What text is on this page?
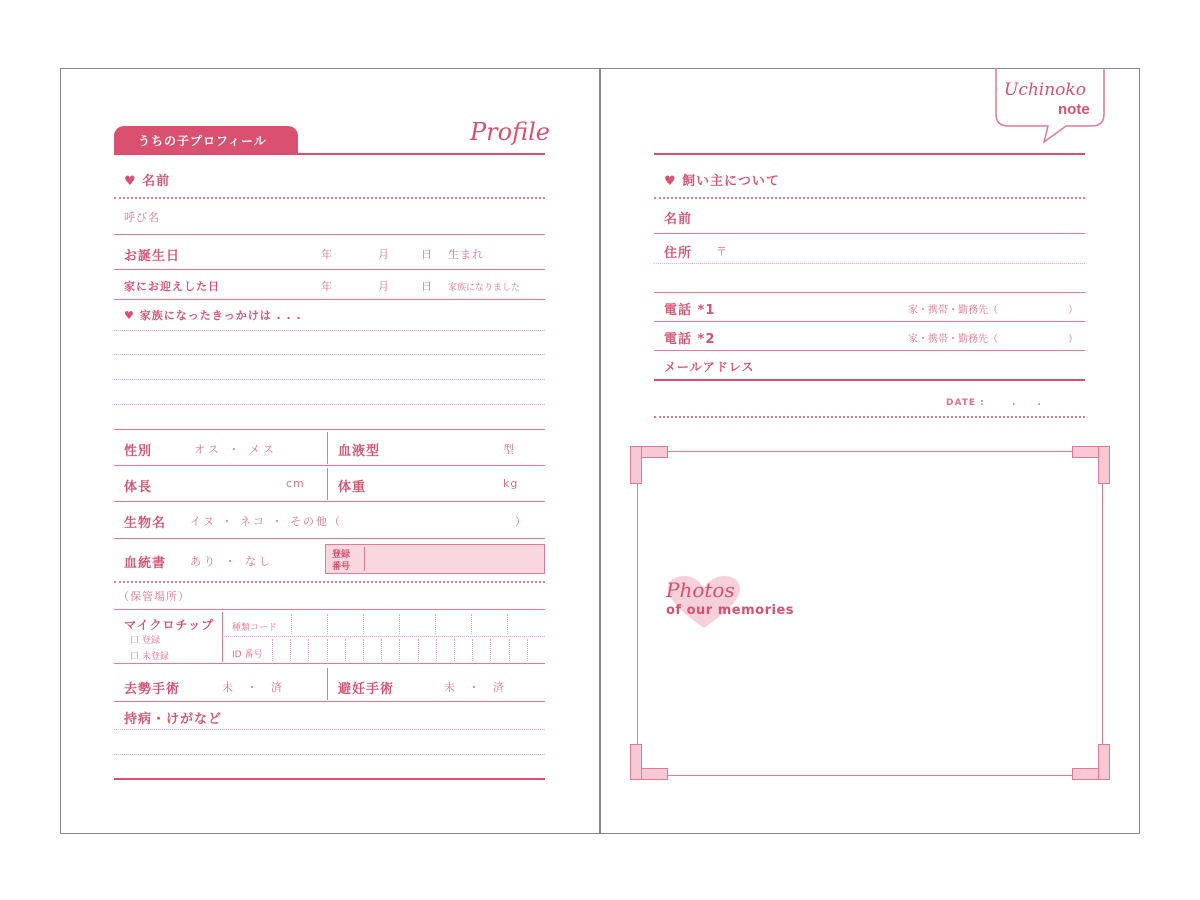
うちの子プロフィール	Profile
♥ 名前
呼び名
お誕生日	年	月	日 生まれ
家にお迎えした日	年	月	日 家族になりました
♥ 家族になったきっかけは . . .
性別	オス ・ メス	血液型	型
体長	cm	体重	kg
生物名 イヌ ・ ネコ ・ その他（	）
血統書 あり ・ なし	登録
番号
（保管場所）
マイクロチップ
口 登録
口 未登録
種類コード
ID 番号
去勢手術	未 ・ 済	避妊手術	未 ・ 済
持病・けがなど
Uchinoko
note
♥ 飼い主について
名前
住所 〒
電話 *1	家・携帯・勤務先（	）
電話 *2	家・携帯・勤務先（	）
メールアドレス
DATE :	.       .
Photos
of our memories
